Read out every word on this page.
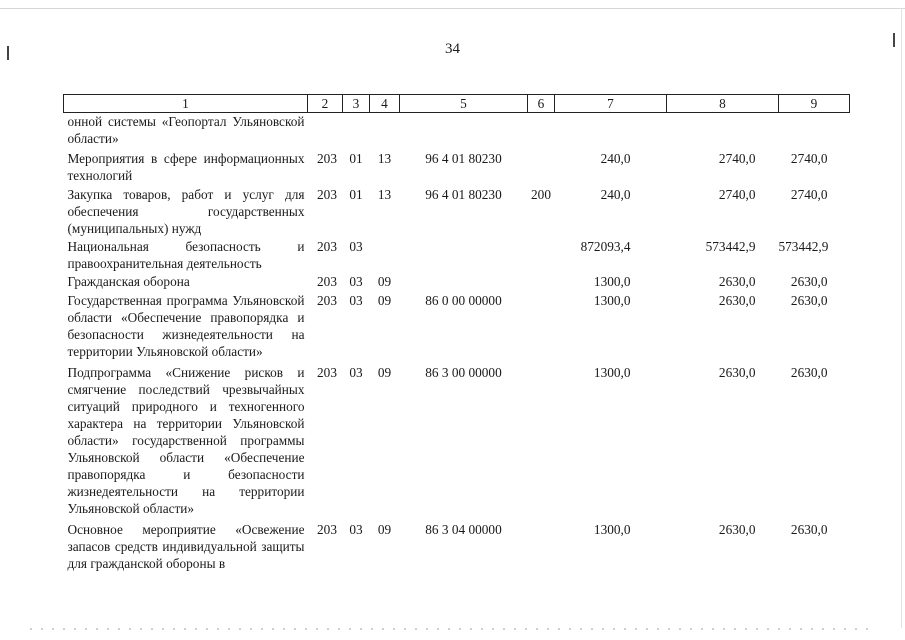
34
1	2	3	4	5	6	7	8	9
онной системы «Геопортал Ульяновской области»								
Мероприятия в сфере информационных технологий	203	01	13	96 4 01 80230		240,0	2740,0	2740,0
Закупка товаров, работ и услуг для обеспечения государственных (муниципальных) нужд	203	01	13	96 4 01 80230	200	240,0	2740,0	2740,0
Национальная безопасность и правоохранительная деятельность	203	03				872093,4	573442,9	573442,9
Гражданская оборона	203	03	09			1300,0	2630,0	2630,0
Государственная программа Ульяновской области «Обеспечение правопорядка и безопасности жизнедеятельности на территории Ульяновской области»	203	03	09	86 0 00 00000		1300,0	2630,0	2630,0
Подпрограмма «Снижение рисков и смягчение последствий чрезвычайных ситуаций природного и техногенного характера на территории Ульяновской области» государственной программы Ульяновской области «Обеспечение правопорядка и безопасности жизнедеятельности на территории Ульяновской области»	203	03	09	86 3 00 00000		1300,0	2630,0	2630,0
Основное мероприятие «Освежение запасов средств индивидуальной защиты для гражданской обороны в	203	03	09	86 3 04 00000		1300,0	2630,0	2630,0
